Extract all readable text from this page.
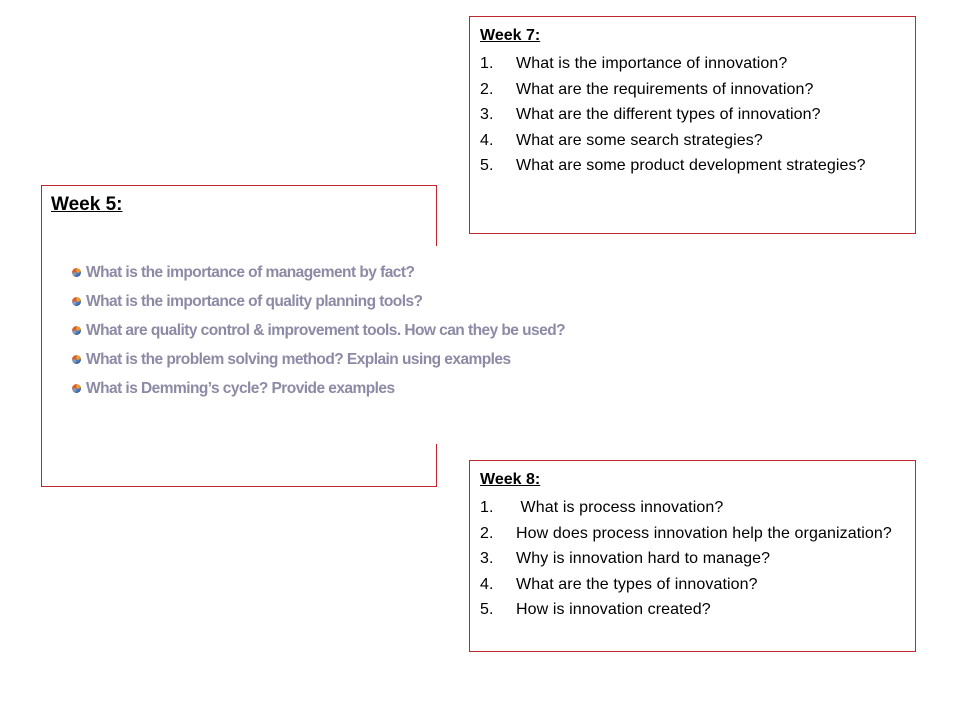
Week 7:
1. What is the importance of innovation?
2. What are the requirements of innovation?
3. What are the different types of innovation?
4. What are some search strategies?
5. What are some product development strategies?
Week 5:
What is the importance of management by fact?
What is the importance of quality planning tools?
What are quality control & improvement tools. How can they be used?
What is the problem solving method? Explain using examples
What is Demming’s cycle? Provide examples
Week 8:
1. What is process innovation?
2. How does process innovation help the organization?
3. Why is innovation hard to manage?
4. What are the types of innovation?
5. How is innovation created?
